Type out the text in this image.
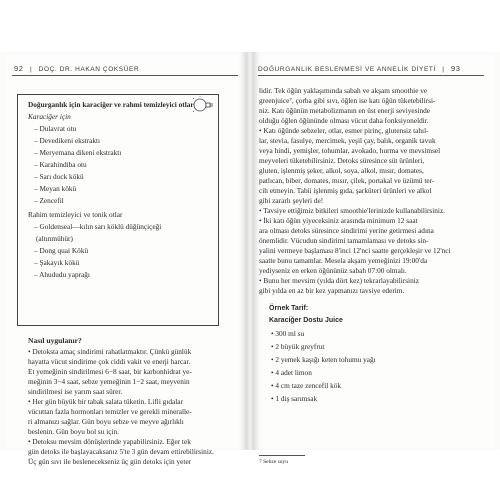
92 | DOÇ. DR. HAKAN ÇOKSÜER
Doğurganlık için karaciğer ve rahmi temizleyici otlar
Karaciğer için
– Dulavrat otu
– Devedikeni ekstraktı
– Meryemana dikeni ekstraktı
– Karahindiba otu
– Sarı dock kökü
– Meyan kökü
– Zencefil
Rahim temizleyici ve tonik otlar
– Goldenseal—kılın sarı köklü düğünçiçeği
(altınmühür)
– Dong quai Kökü
– Şakayık kökü
– Ahududu yaprağı
Nasıl uygulanır?
• Detoksta amaç sindirimi rahatlatmaktır. Çünkü günlük
hayatta vücut sindirime çok ciddi vakit ve enerji harcar.
Et yemeğinin sindirilmesi 6−8 saat, bir karbonhidrat ye-
meğinin 3−4 saat, sebze yemeğinin 1−2 saat, meyvenin
sindirilmesi ise yarım saat sürer.
• Her gün büyük bir tabak salata tüketin. Lifli gıdalar
vücuttan fazla hormonları temizler ve gerekli mineralle-
ri almanızı sağlar. Gün boyu sebze ve meyve ağırlıklı
beslenin. Gün boyu bol su için.
• Detoksu mevsim dönüşlerinde yapabilirsiniz. Eğer tek
gün detoks ile başlayacaksanız 5'te 3 gün devam ettirebilirsiniz.
Üç gün sıvı ile beslenecekseniz üç gün detoks için yeter
DOĞURGANLIK BESLENMESİ VE ANNELİK DİYETİ | 93
lidir. Tek öğün yaklaşımında sabah ve akşam smoothie ve
greenjuice⁷, çorba gibi sıvı, öğlen ise katı öğün tüketebilirsi-
niz. Katı öğünün metabolizmanın en üst enerji seviyesinde
olduğu öğlen öğününde olması vücut daha fonksiyoneldir.
• Katı öğünde sebzeler, otlar, esmer pirinç, glutensiz tahıl-
lar, stevia, fasulye, mercimek, yeşil çay, balık, organik tavuk
veya hindi, yemişler, tohumlar, avokado, hurma ve mevsimsel
meyveleri tüketebilirsiniz. Detoks süresince süt ürünleri,
gluten, işlenmiş şeker, alkol, soya, alkol, mısır, domates,
patlıcan, biber, domates, mısır, çilek, portakal ve üzümü ter-
cih etmeyin. Tabii işlenmiş gıda, şarküteri ürünleri ve alkol
gibi zararlı şeyleri de!
• Tavsiye ettiğimiz bitkileri smoothie'lerinizde kullanabilirsiniz.
• İki katı öğün yiyeceksiniz arasında minimum 12 saat
ara olması detoks süresince sindirimi yerine getirmesi adına
önemlidir. Vücudun sindirimi tamamlaması ve detoks sin-
yalini vermeye başlaması 8'inci 12'nci saatte gerçekleşir ve 12'nci
saatte bunu tamamlar. Mesela akşam yemeğinizi 19:00'da
yediyseniz en erken öğününüz sabah 07:00 olmalı.
• Bunu her mevsim (yılda dört kez) tekrarlayabilirsiniz
gibi yılda en az bir kez yapmanızı tavsiye ederim.
Örnek Tarif:
Karaciğer Dostu Juice
• 300 ml su
• 2 büyük greyfrut
• 2 yemek kaşığı keten tohumu yağı
• 4 adet limon
• 4 cm taze zencefil kök
• 1 diş sarımsak
7 Sebze suyu
